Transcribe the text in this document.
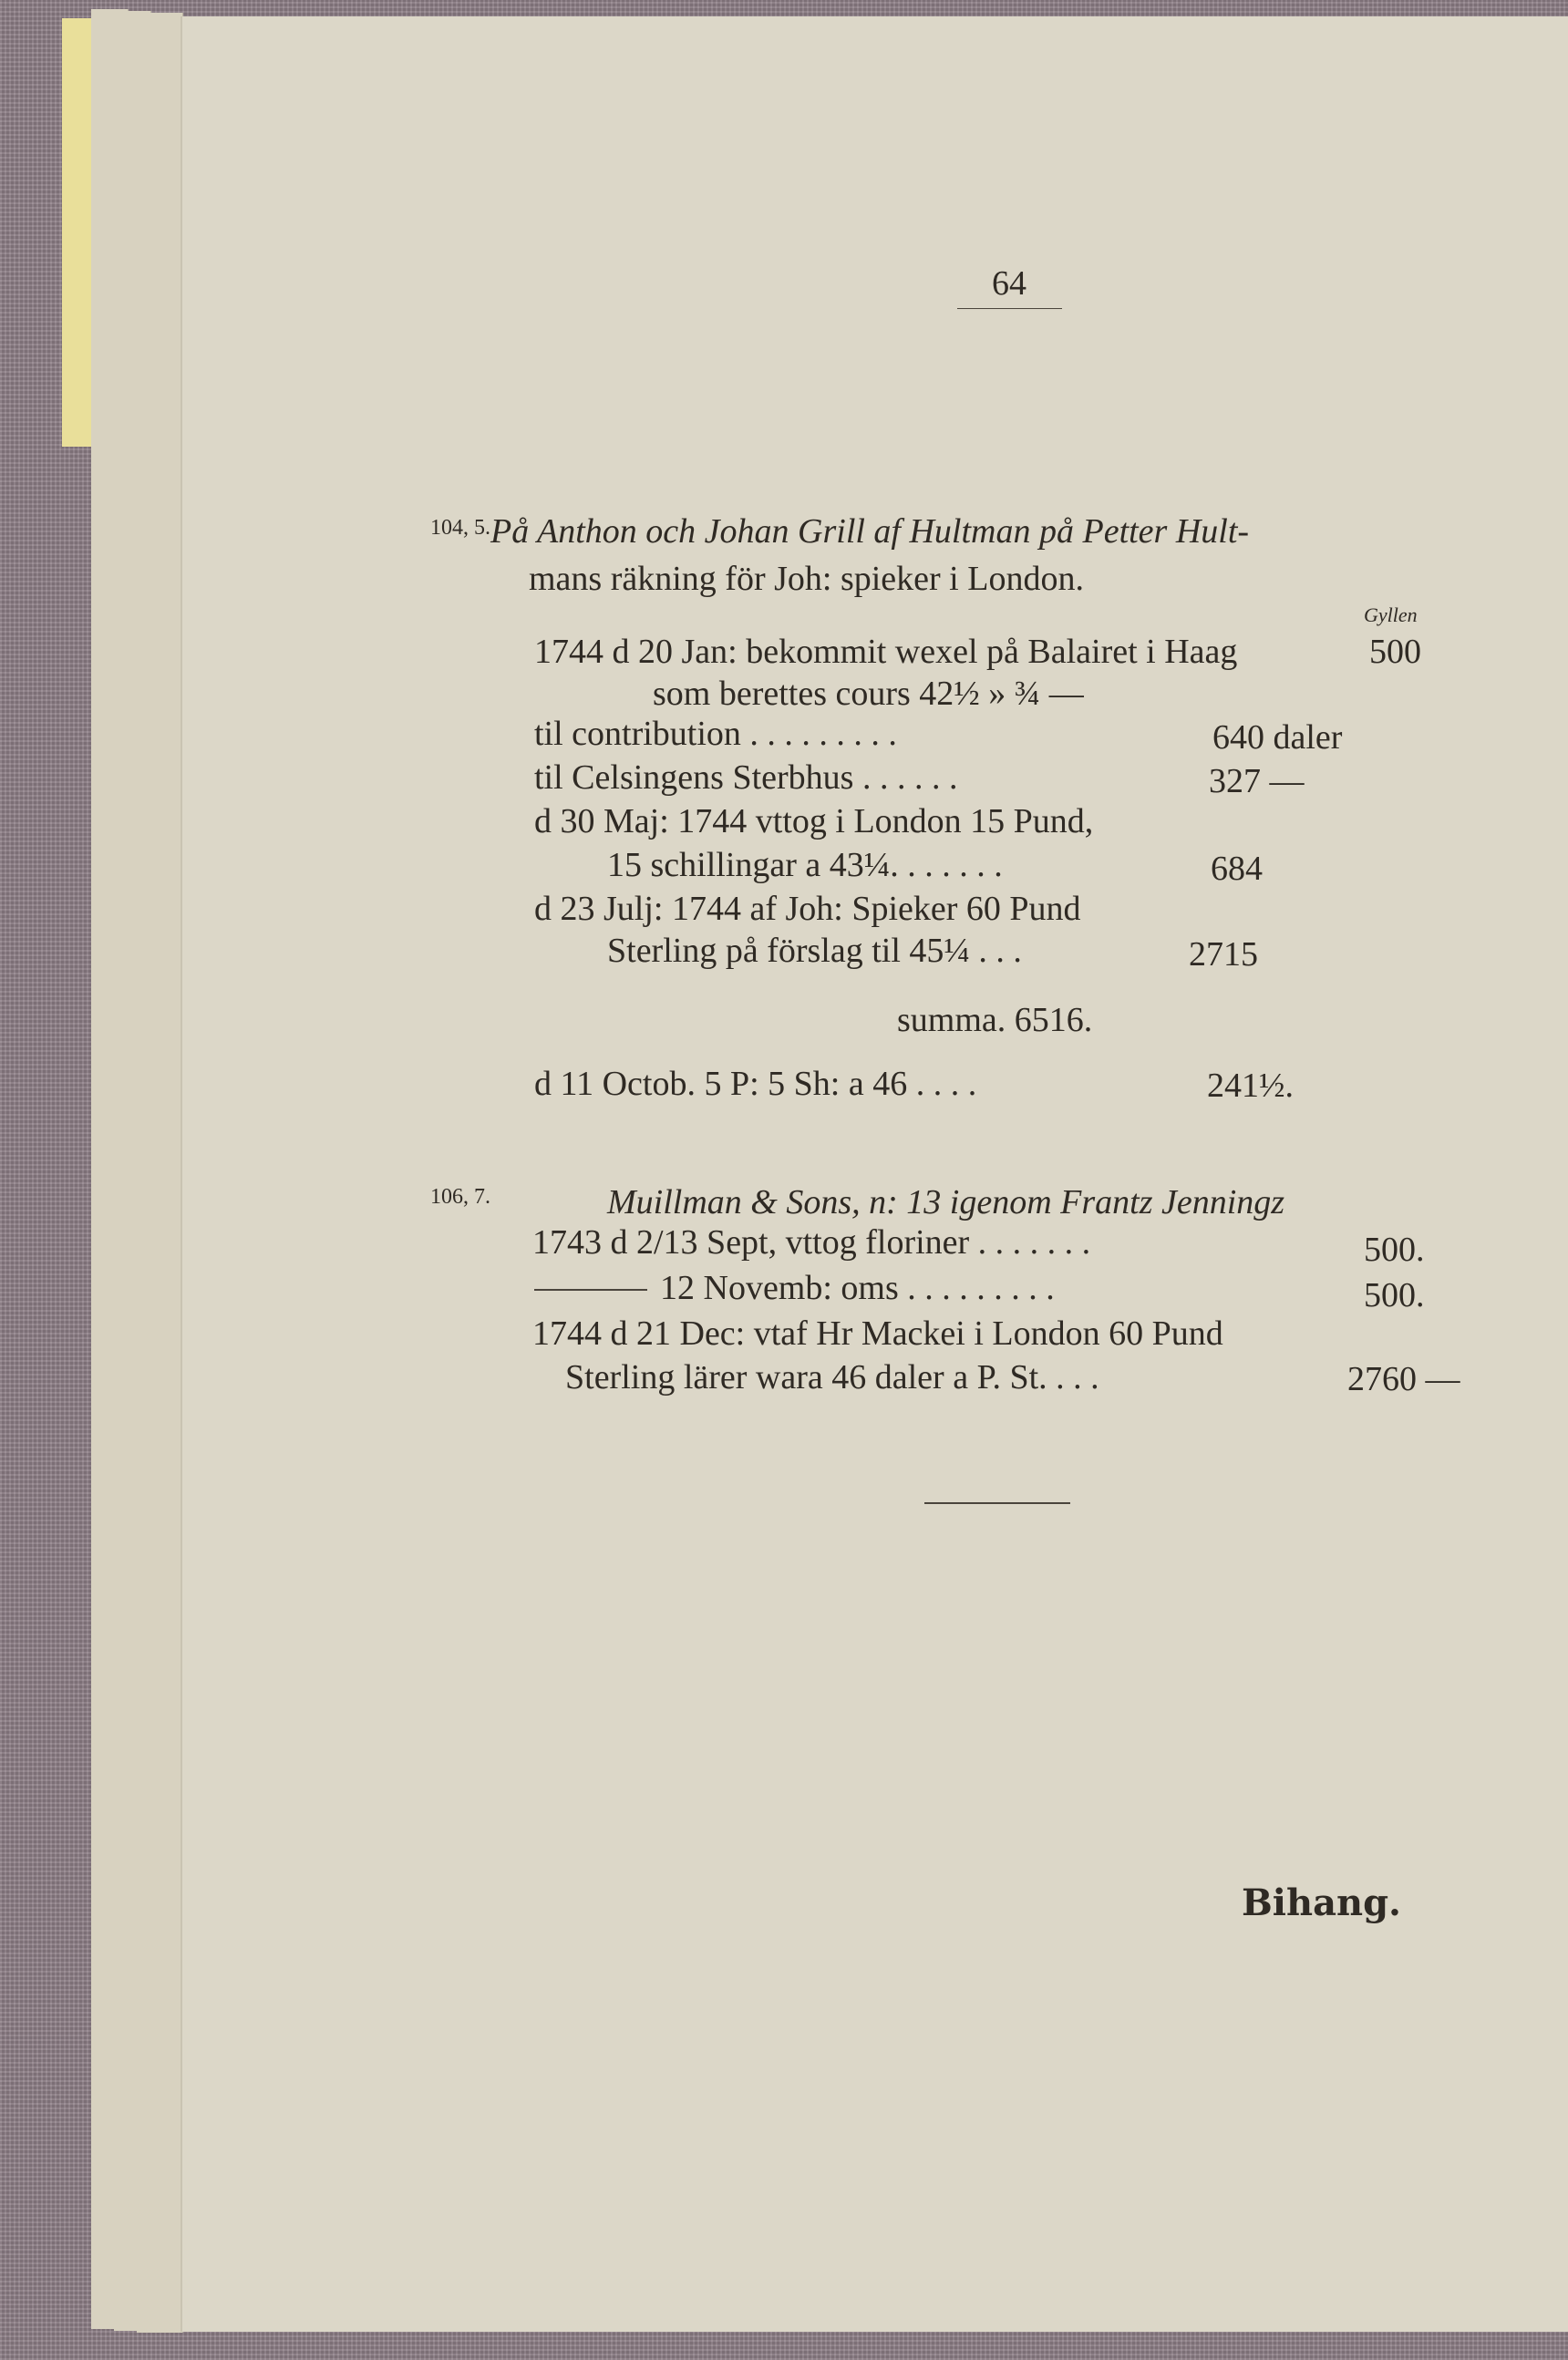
64
104, 5. På Anthon och Johan Grill af Hultman på Petter Hult-
mans räkning för Joh: spieker i London.
Gyllen
1744 d 20 Jan: bekommit wexel på Balairet i Haag	500
som berettes cours 42½ » ¾ —
til contribution . . . . . . . . .	640 daler
til Celsingens Sterbhus . . . . . .	327 —
d 30 Maj: 1744 vttog i London 15 Pund,
15 schillingar a 43¼. . . . . . .	684
d 23 Julj: 1744 af Joh: Spieker 60 Pund
Sterling på förslag til 45¼ . . .	2715
summa. 6516.
d 11 Octob. 5 P: 5 Sh: a 46 . . . .	241½.
106, 7.	Muillman & Sons, n: 13 igenom Frantz Jenningz
1743 d 2/13 Sept, vttog floriner . . . . . . .	500.
12 Novemb: oms . . . . . . . . .	500.
1744 d 21 Dec: vtaf Hr Mackei i London 60 Pund
Sterling lärer wara 46 daler a P. St. . . .	2760 —
Bihang.
